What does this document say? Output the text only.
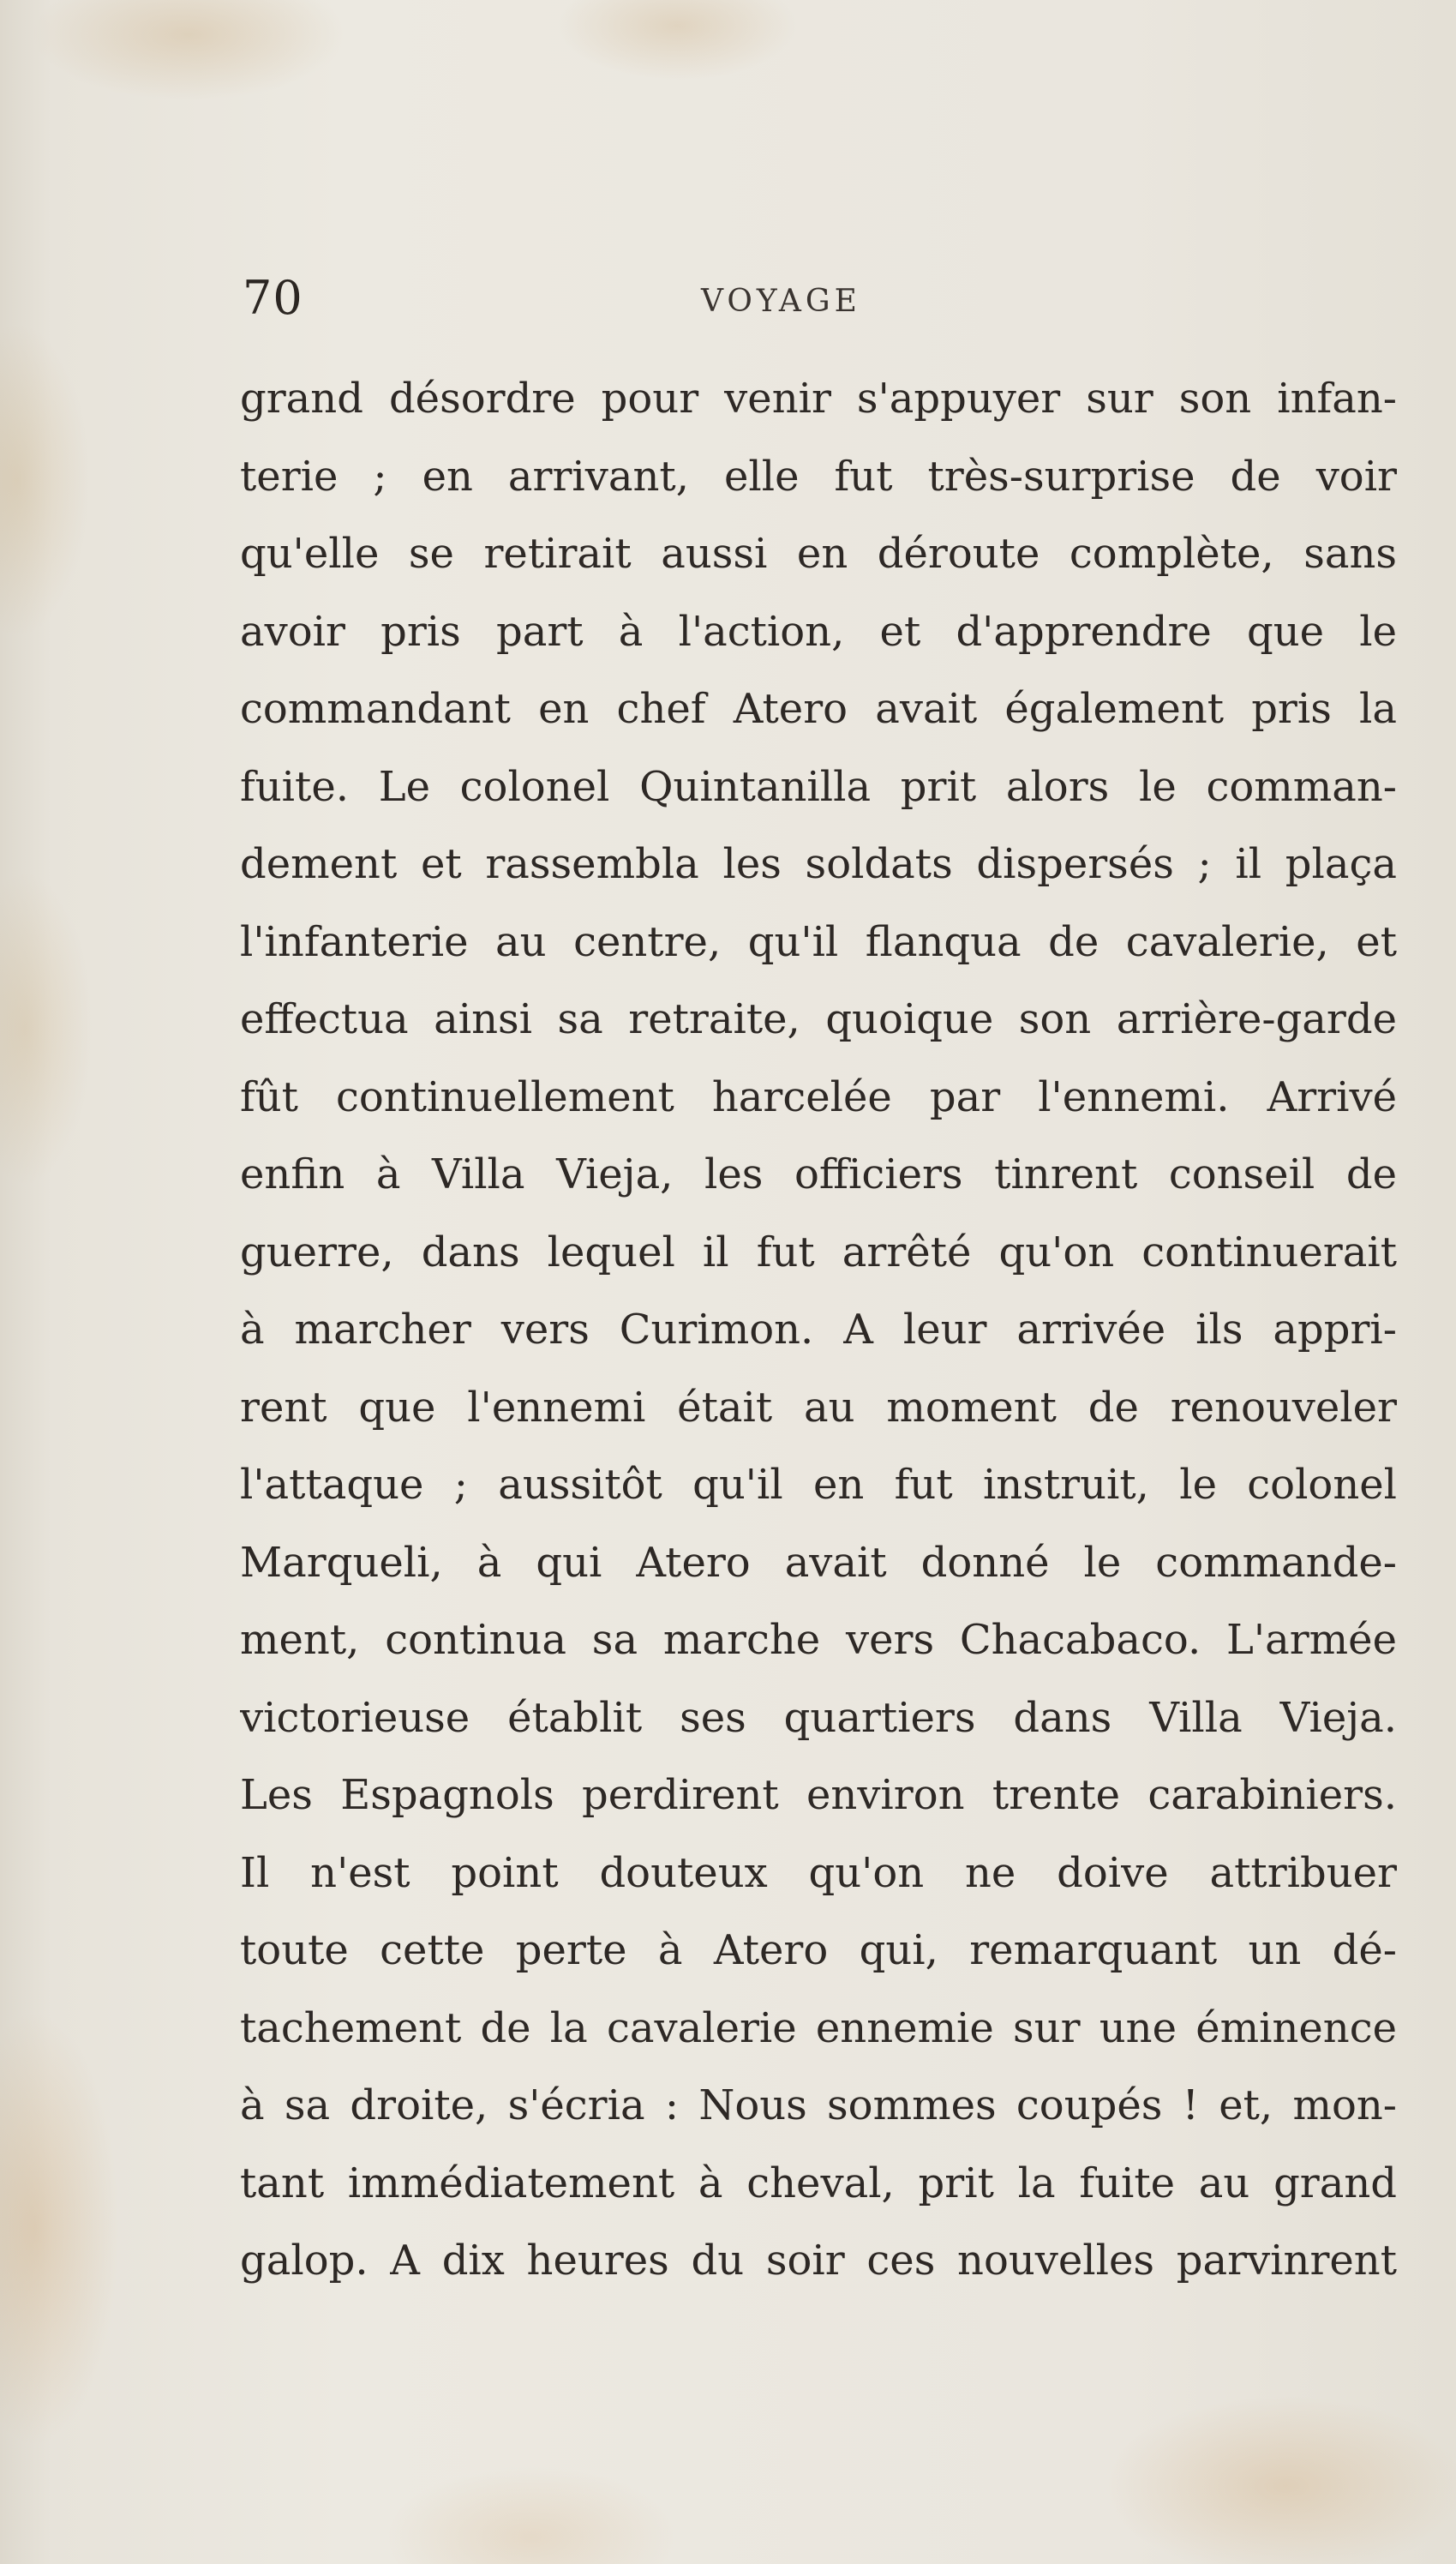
70	VOYAGE
grand désordre pour venir s'appuyer sur son infan-
terie ; en arrivant, elle fut très-surprise de voir
qu'elle se retirait aussi en déroute complète, sans
avoir pris part à l'action, et d'apprendre que le
commandant en chef Atero avait également pris la
fuite. Le colonel Quintanilla prit alors le comman-
dement et rassembla les soldats dispersés ; il plaça
l'infanterie au centre, qu'il flanqua de cavalerie, et
effectua ainsi sa retraite, quoique son arrière-garde
fût continuellement harcelée par l'ennemi. Arrivé
enfin à Villa Vieja, les officiers tinrent conseil de
guerre, dans lequel il fut arrêté qu'on continuerait
à marcher vers Curimon. A leur arrivée ils appri-
rent que l'ennemi était au moment de renouveler
l'attaque ; aussitôt qu'il en fut instruit, le colonel
Marqueli, à qui Atero avait donné le commande-
ment, continua sa marche vers Chacabaco. L'armée
victorieuse établit ses quartiers dans Villa Vieja.
Les Espagnols perdirent environ trente carabiniers.
Il n'est point douteux qu'on ne doive attribuer
toute cette perte à Atero qui, remarquant un dé-
tachement de la cavalerie ennemie sur une éminence
à sa droite, s'écria : Nous sommes coupés ! et, mon-
tant immédiatement à cheval, prit la fuite au grand
galop. A dix heures du soir ces nouvelles parvinrent
